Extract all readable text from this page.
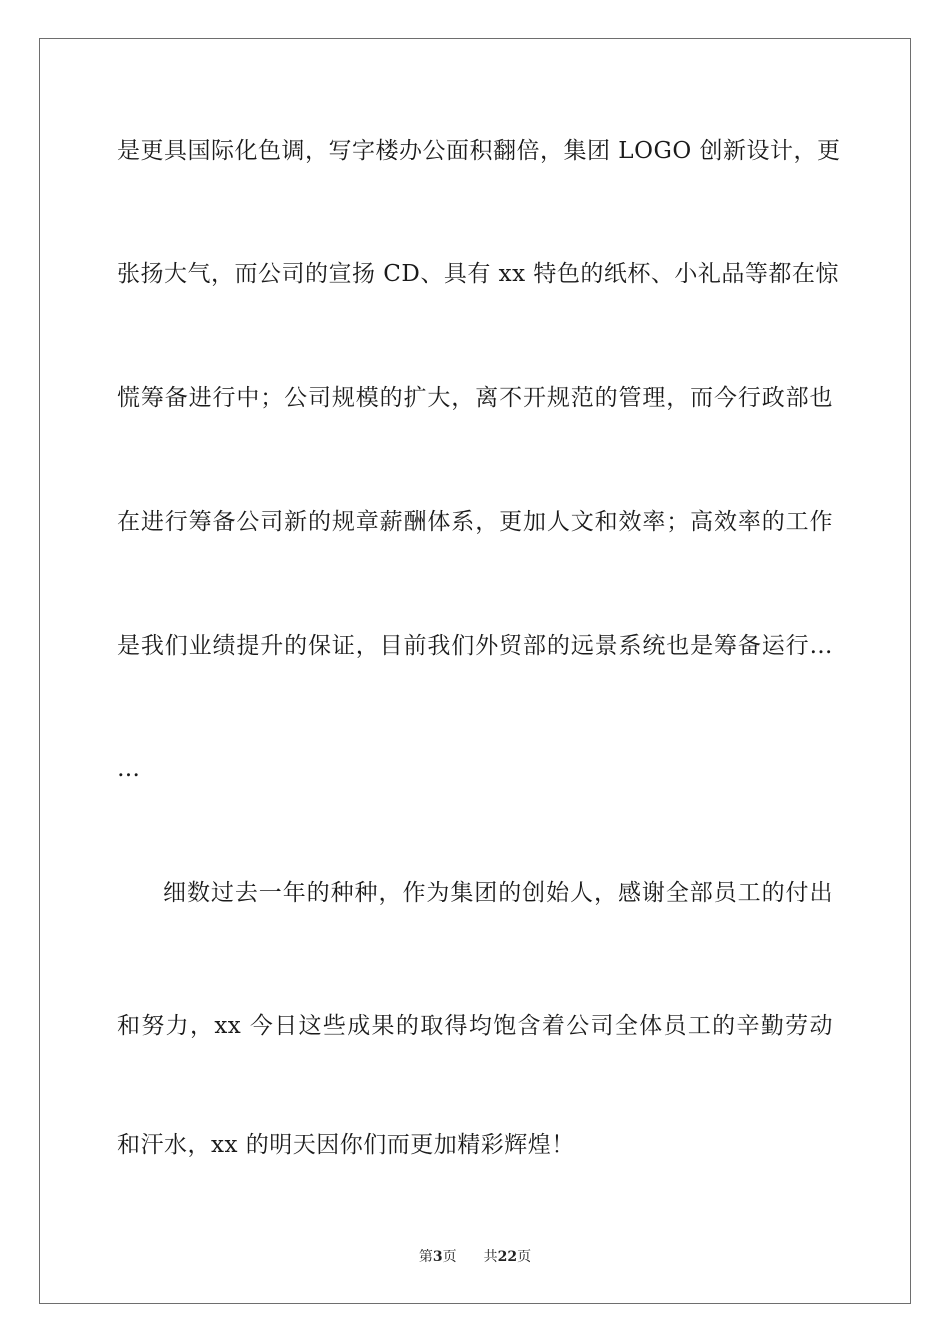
是更具国际化色调，写字楼办公面积翻倍，集团 LOGO 创新设计，更
张扬大气，而公司的宣扬 CD、具有 xx 特色的纸杯、小礼品等都在惊
慌筹备进行中；公司规模的扩大，离不开规范的管理，而今行政部也
在进行筹备公司新的规章薪酬体系，更加人文和效率；高效率的工作
是我们业绩提升的保证，目前我们外贸部的远景系统也是筹备运行…
…
细数过去一年的种种，作为集团的创始人，感谢全部员工的付出
和努力，xx 今日这些成果的取得均饱含着公司全体员工的辛勤劳动
和汗水，xx 的明天因你们而更加精彩辉煌！
第3页 共22页
